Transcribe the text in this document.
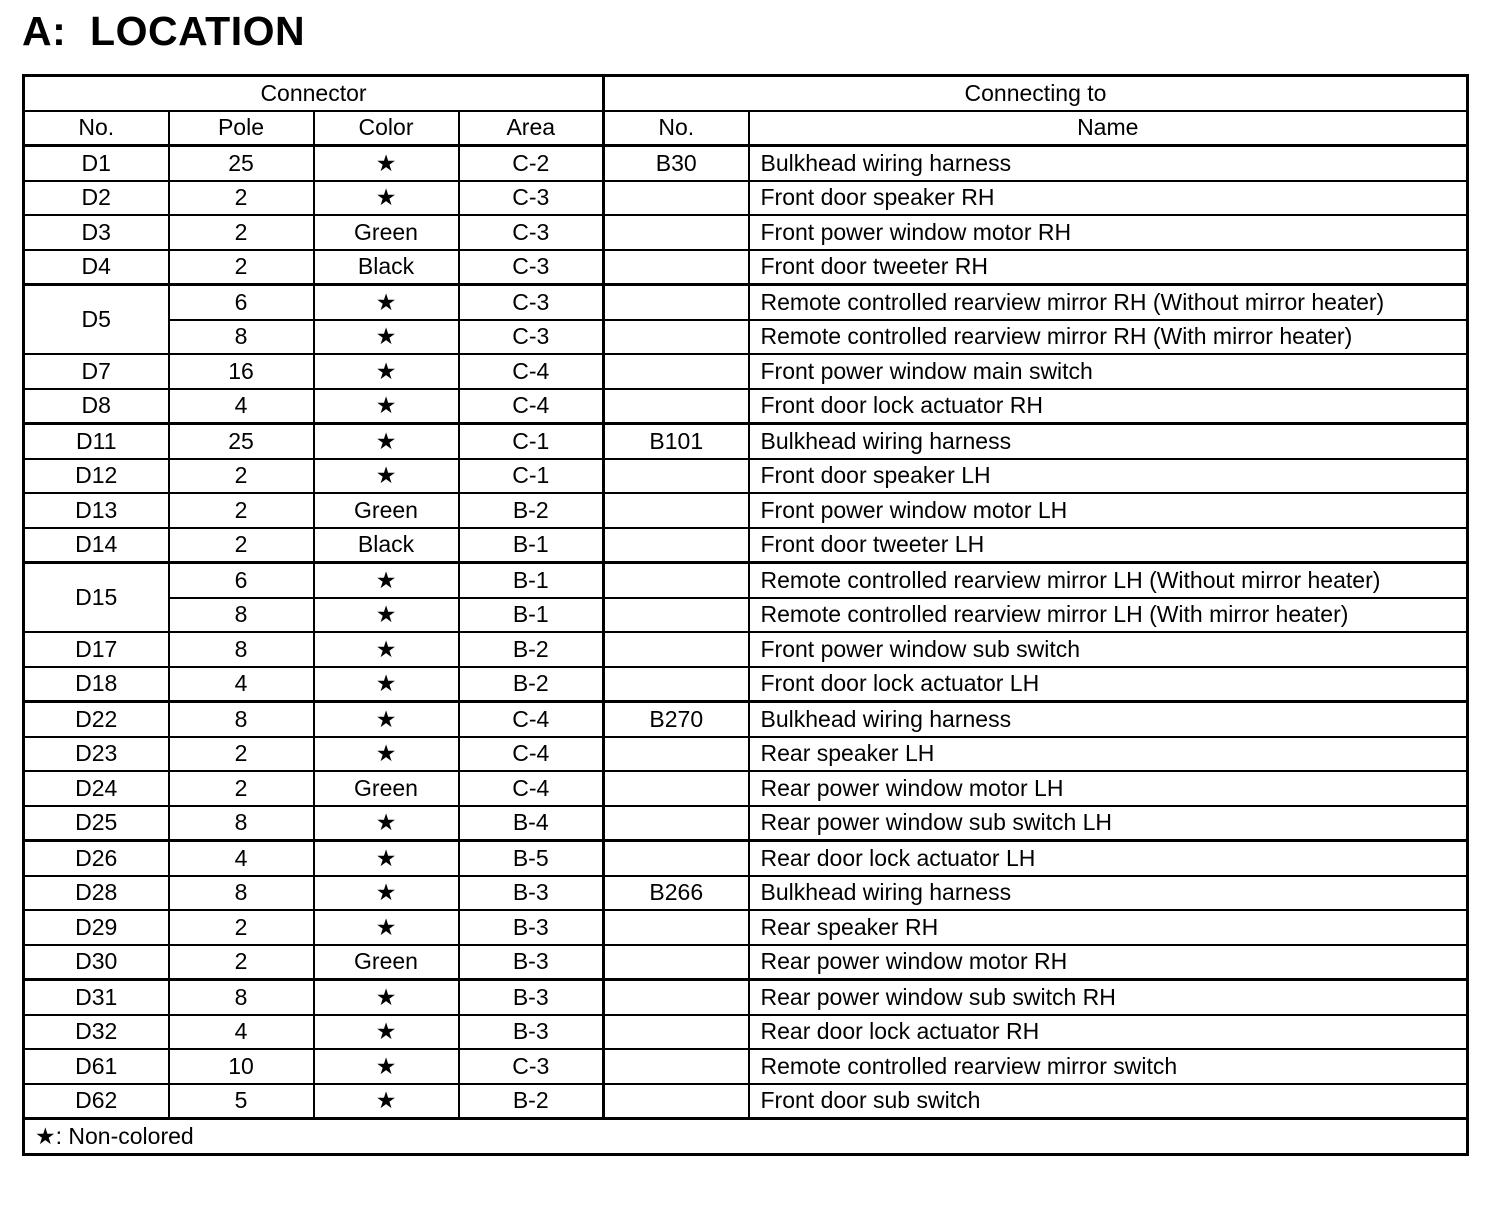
A:  LOCATION
Connector				Connecting to	
No.	Pole	Color	Area	No.	Name
D1	25	★	C-2	B30	Bulkhead wiring harness
D2	2	★	C-3		Front door speaker RH
D3	2	Green	C-3		Front power window motor RH
D4	2	Black	C-3		Front door tweeter RH
D5	6	★	C-3		Remote controlled rearview mirror RH (Without mirror heater)
	8	★	C-3		Remote controlled rearview mirror RH (With mirror heater)
D7	16	★	C-4		Front power window main switch
D8	4	★	C-4		Front door lock actuator RH
D11	25	★	C-1	B101	Bulkhead wiring harness
D12	2	★	C-1		Front door speaker LH
D13	2	Green	B-2		Front power window motor LH
D14	2	Black	B-1		Front door tweeter LH
D15	6	★	B-1		Remote controlled rearview mirror LH (Without mirror heater)
	8	★	B-1		Remote controlled rearview mirror LH (With mirror heater)
D17	8	★	B-2		Front power window sub switch
D18	4	★	B-2		Front door lock actuator LH
D22	8	★	C-4	B270	Bulkhead wiring harness
D23	2	★	C-4		Rear speaker LH
D24	2	Green	C-4		Rear power window motor LH
D25	8	★	B-4		Rear power window sub switch LH
D26	4	★	B-5		Rear door lock actuator LH
D28	8	★	B-3	B266	Bulkhead wiring harness
D29	2	★	B-3		Rear speaker RH
D30	2	Green	B-3		Rear power window motor RH
D31	8	★	B-3		Rear power window sub switch RH
D32	4	★	B-3		Rear door lock actuator RH
D61	10	★	C-3		Remote controlled rearview mirror switch
D62	5	★	B-2		Front door sub switch
★: Non-colored					
